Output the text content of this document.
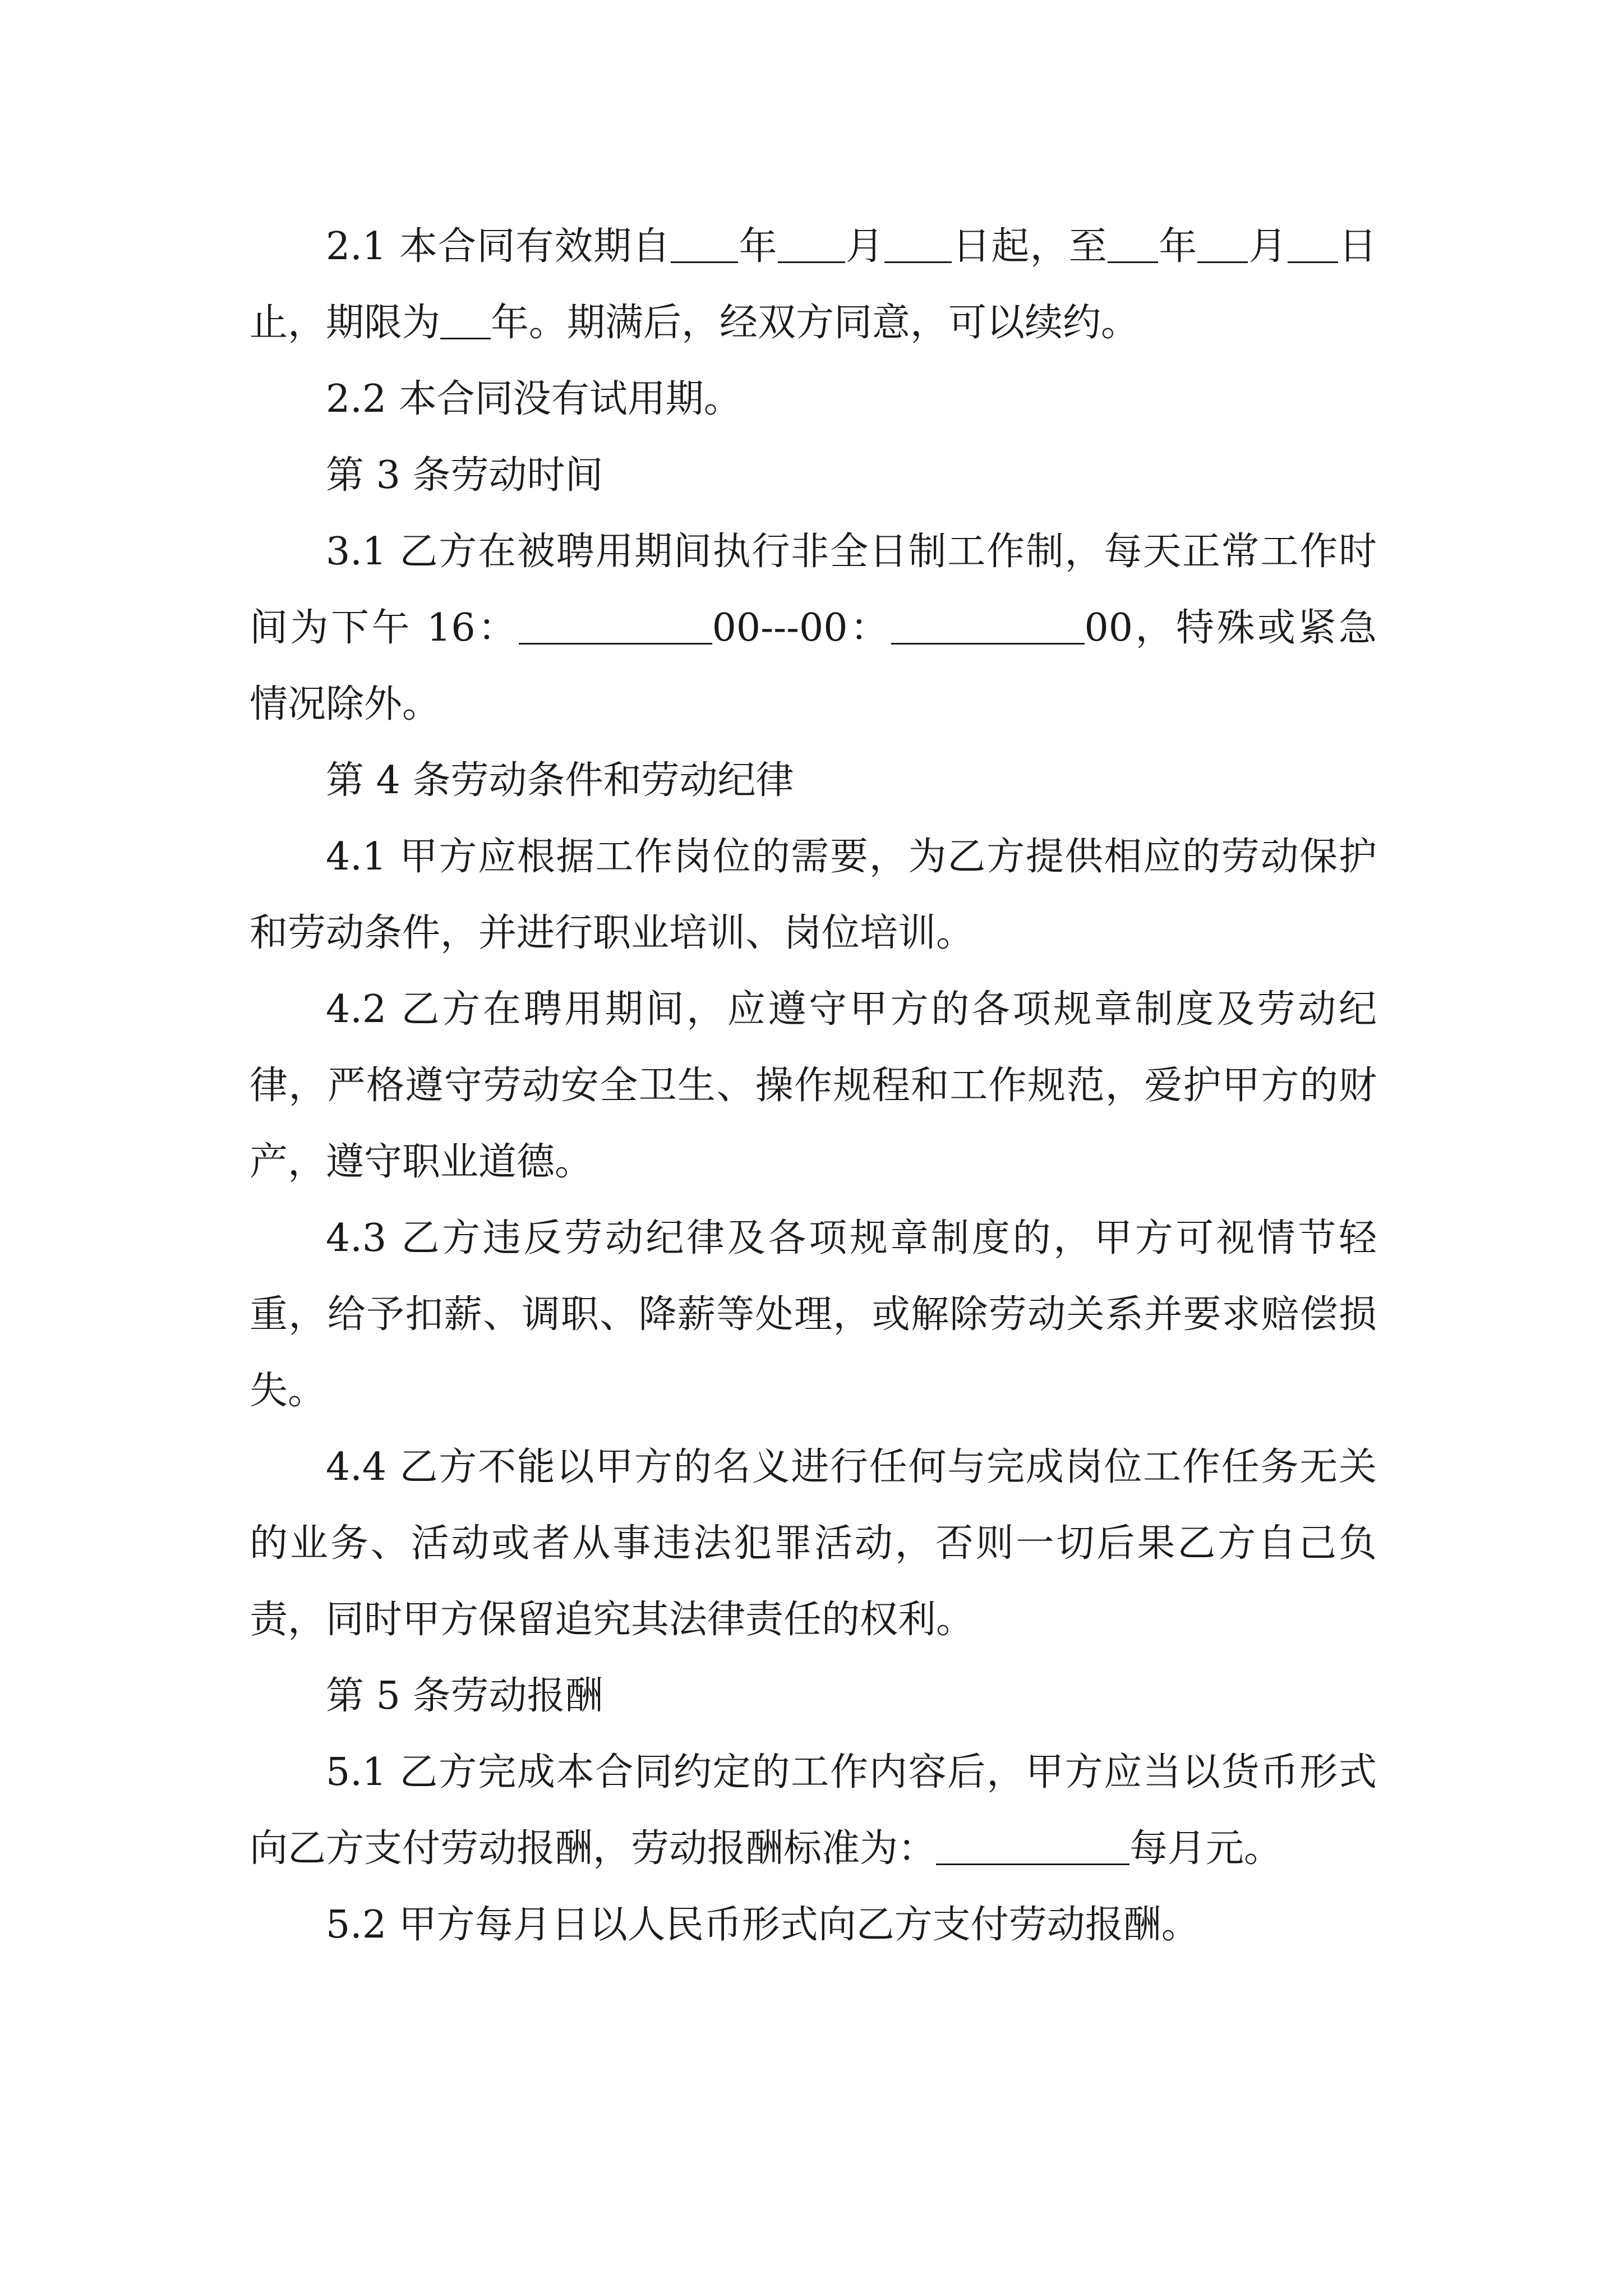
2.1 本合同有效期自 年 月 日起，至 年 月 日止，期限为 年。期满后，经双方同意，可以续约。

2.2 本合同没有试用期。

第 3 条劳动时间

3.1 乙方在被聘用期间执行非全日制工作制，每天正常工作时间为下午 16：	00---00：	00，特殊或紧急情况除外。

第 4 条劳动条件和劳动纪律

4.1 甲方应根据工作岗位的需要，为乙方提供相应的劳动保护和劳动条件，并进行职业培训、岗位培训。

4.2 乙方在聘用期间，应遵守甲方的各项规章制度及劳动纪律，严格遵守劳动安全卫生、操作规程和工作规范，爱护甲方的财产，遵守职业道德。

4.3 乙方违反劳动纪律及各项规章制度的，甲方可视情节轻重，给予扣薪、调职、降薪等处理，或解除劳动关系并要求赔偿损失。

4.4 乙方不能以甲方的名义进行任何与完成岗位工作任务无关的业务、活动或者从事违法犯罪活动，否则一切后果乙方自己负责，同时甲方保留追究其法律责任的权利。

第 5 条劳动报酬

5.1 乙方完成本合同约定的工作内容后，甲方应当以货币形式向乙方支付劳动报酬，劳动报酬标准为：	每月元。

5.2 甲方每月日以人民币形式向乙方支付劳动报酬。
